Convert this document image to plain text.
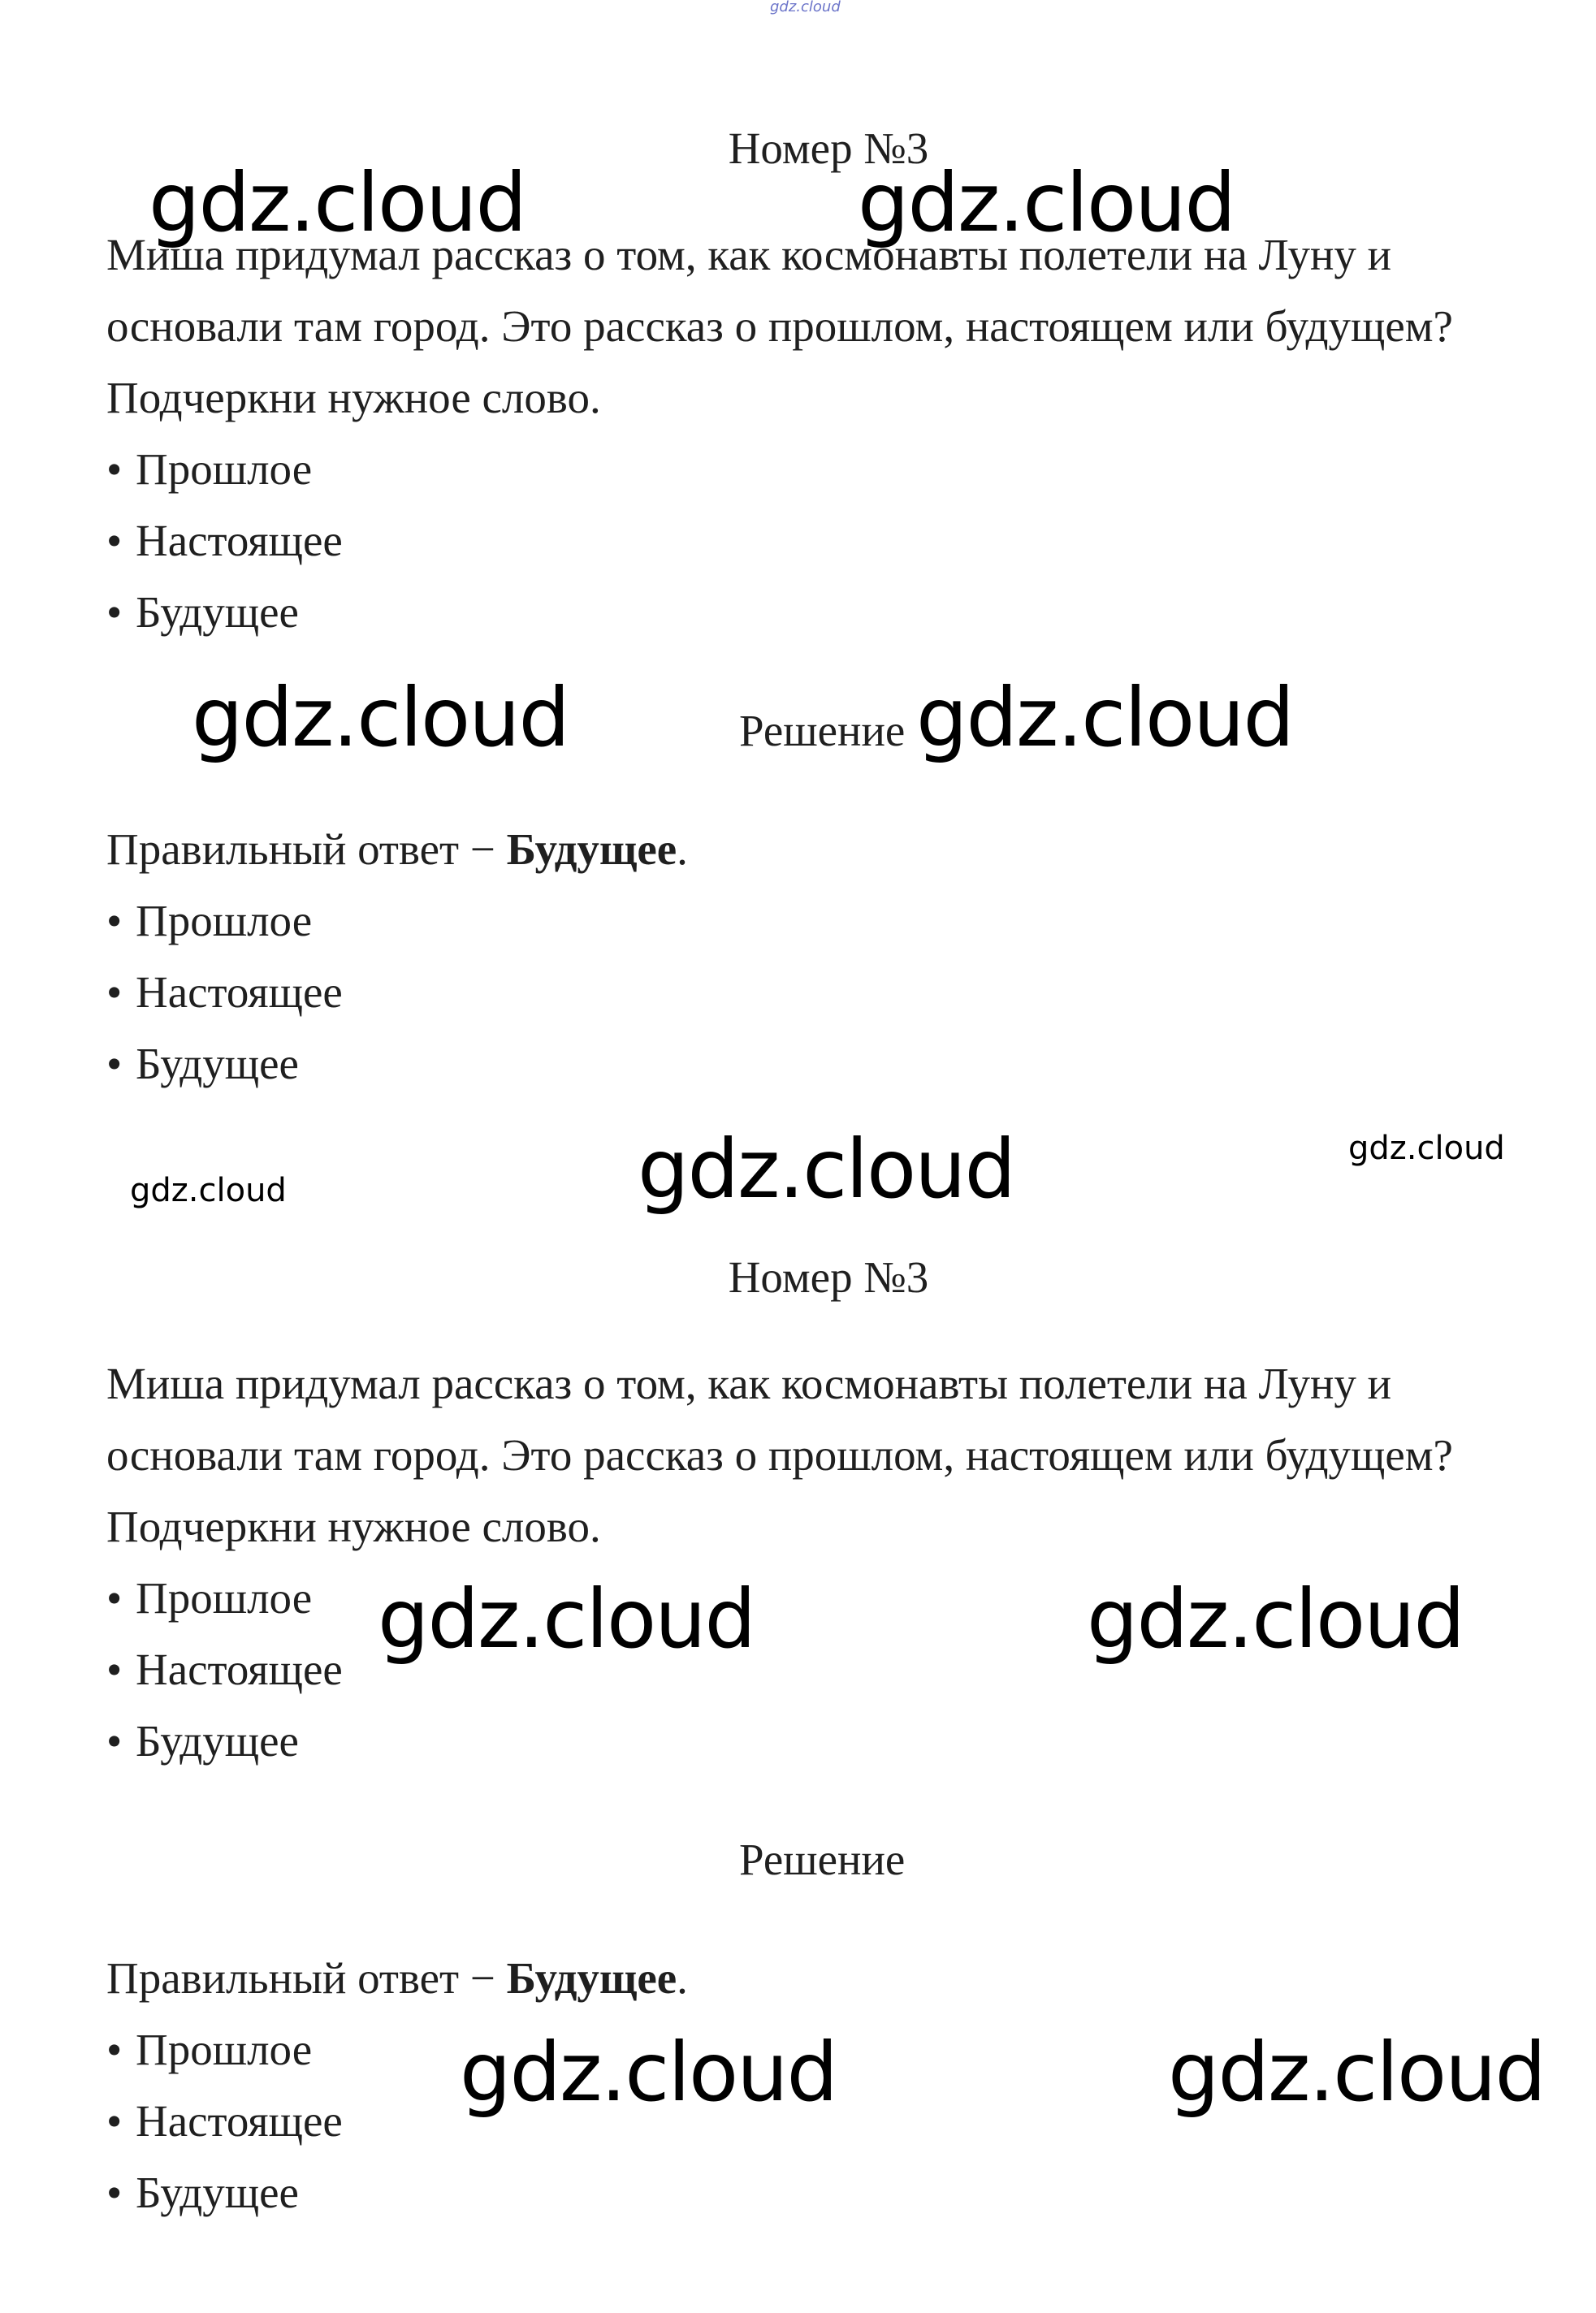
gdz.cloud
Номер №3
Миша придумал рассказ о том, как космонавты полетели на Луну и основали там город. Это рассказ о прошлом, настоящем или будущем? Подчеркни нужное слово.
• Прошлое
• Настоящее
• Будущее
Решение
Правильный ответ − Будущее.
• Прошлое
• Настоящее
• Будущее
Номер №3
Миша придумал рассказ о том, как космонавты полетели на Луну и основали там город. Это рассказ о прошлом, настоящем или будущем? Подчеркни нужное слово.
• Прошлое
• Настоящее
• Будущее
Решение
Правильный ответ − Будущее.
• Прошлое
• Настоящее
• Будущее
gdz.cloud	gdz.cloud
gdz.cloud	gdz.cloud
gdz.cloud	gdz.cloud	gdz.cloud
gdz.cloud	gdz.cloud
gdz.cloud	gdz.cloud
